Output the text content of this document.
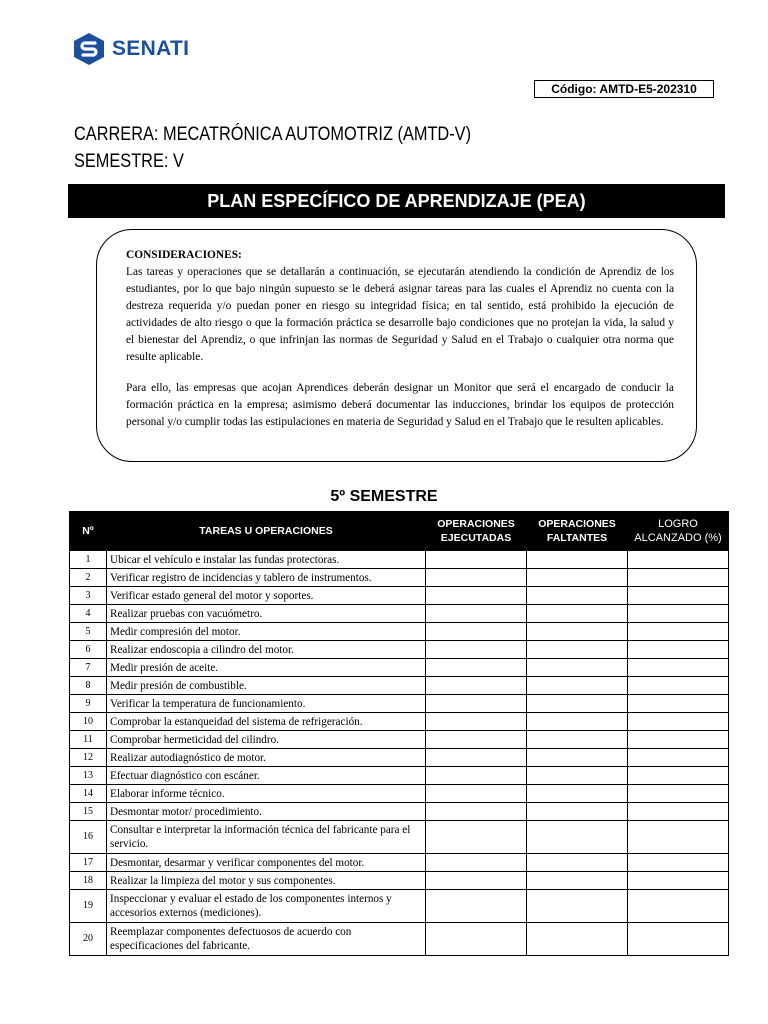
SENATI
Código: AMTD-E5-202310
CARRERA: MECATRÓNICA AUTOMOTRIZ (AMTD-V)
SEMESTRE: V
PLAN ESPECÍFICO DE APRENDIZAJE (PEA)
CONSIDERACIONES:

Las tareas y operaciones que se detallarán a continuación, se ejecutarán atendiendo la condición de Aprendiz de los estudiantes, por lo que bajo ningún supuesto se le deberá asignar tareas para las cuales el Aprendiz no cuenta con la destreza requerida y/o puedan poner en riesgo su integridad física; en tal sentido, está prohibido la ejecución de actividades de alto riesgo o que la formación práctica se desarrolle bajo condiciones que no protejan la vida, la salud y el bienestar del Aprendiz, o que infrinjan las normas de Seguridad y Salud en el Trabajo o cualquier otra norma que resulte aplicable.

Para ello, las empresas que acojan Aprendices deberán designar un Monitor que será el encargado de conducir la formación práctica en la empresa; asimismo deberá documentar las inducciones, brindar los equipos de protección personal y/o cumplir todas las estipulaciones en materia de Seguridad y Salud en el Trabajo que le resulten aplicables.

5º SEMESTRE
Nº	TAREAS U OPERACIONES	OPERACIONES EJECUTADAS	OPERACIONES FALTANTES	LOGRO ALCANZADO (%)
1	Ubicar el vehículo e instalar las fundas protectoras.			
2	Verificar registro de incidencias y tablero de instrumentos.			
3	Verificar estado general del motor y soportes.			
4	Realizar pruebas con vacuómetro.			
5	Medir compresión del motor.			
6	Realizar endoscopia a cilindro del motor.			
7	Medir presión de aceite.			
8	Medir presión de combustible.			
9	Verificar la temperatura de funcionamiento.			
10	Comprobar la estanqueidad del sistema de refrigeración.			
11	Comprobar hermeticidad del cilindro.			
12	Realizar autodiagnóstico de motor.			
13	Efectuar diagnóstico con escáner.			
14	Elaborar informe técnico.			
15	Desmontar motor/ procedimiento.			
16	Consultar e interpretar la información técnica del fabricante para el servicio.			
17	Desmontar, desarmar y verificar componentes del motor.			
18	Realizar la limpieza del motor y sus componentes.			
19	Inspeccionar y evaluar el estado de los componentes internos y accesorios externos (mediciones).			
20	Reemplazar componentes defectuosos de acuerdo con especificaciones del fabricante.			
